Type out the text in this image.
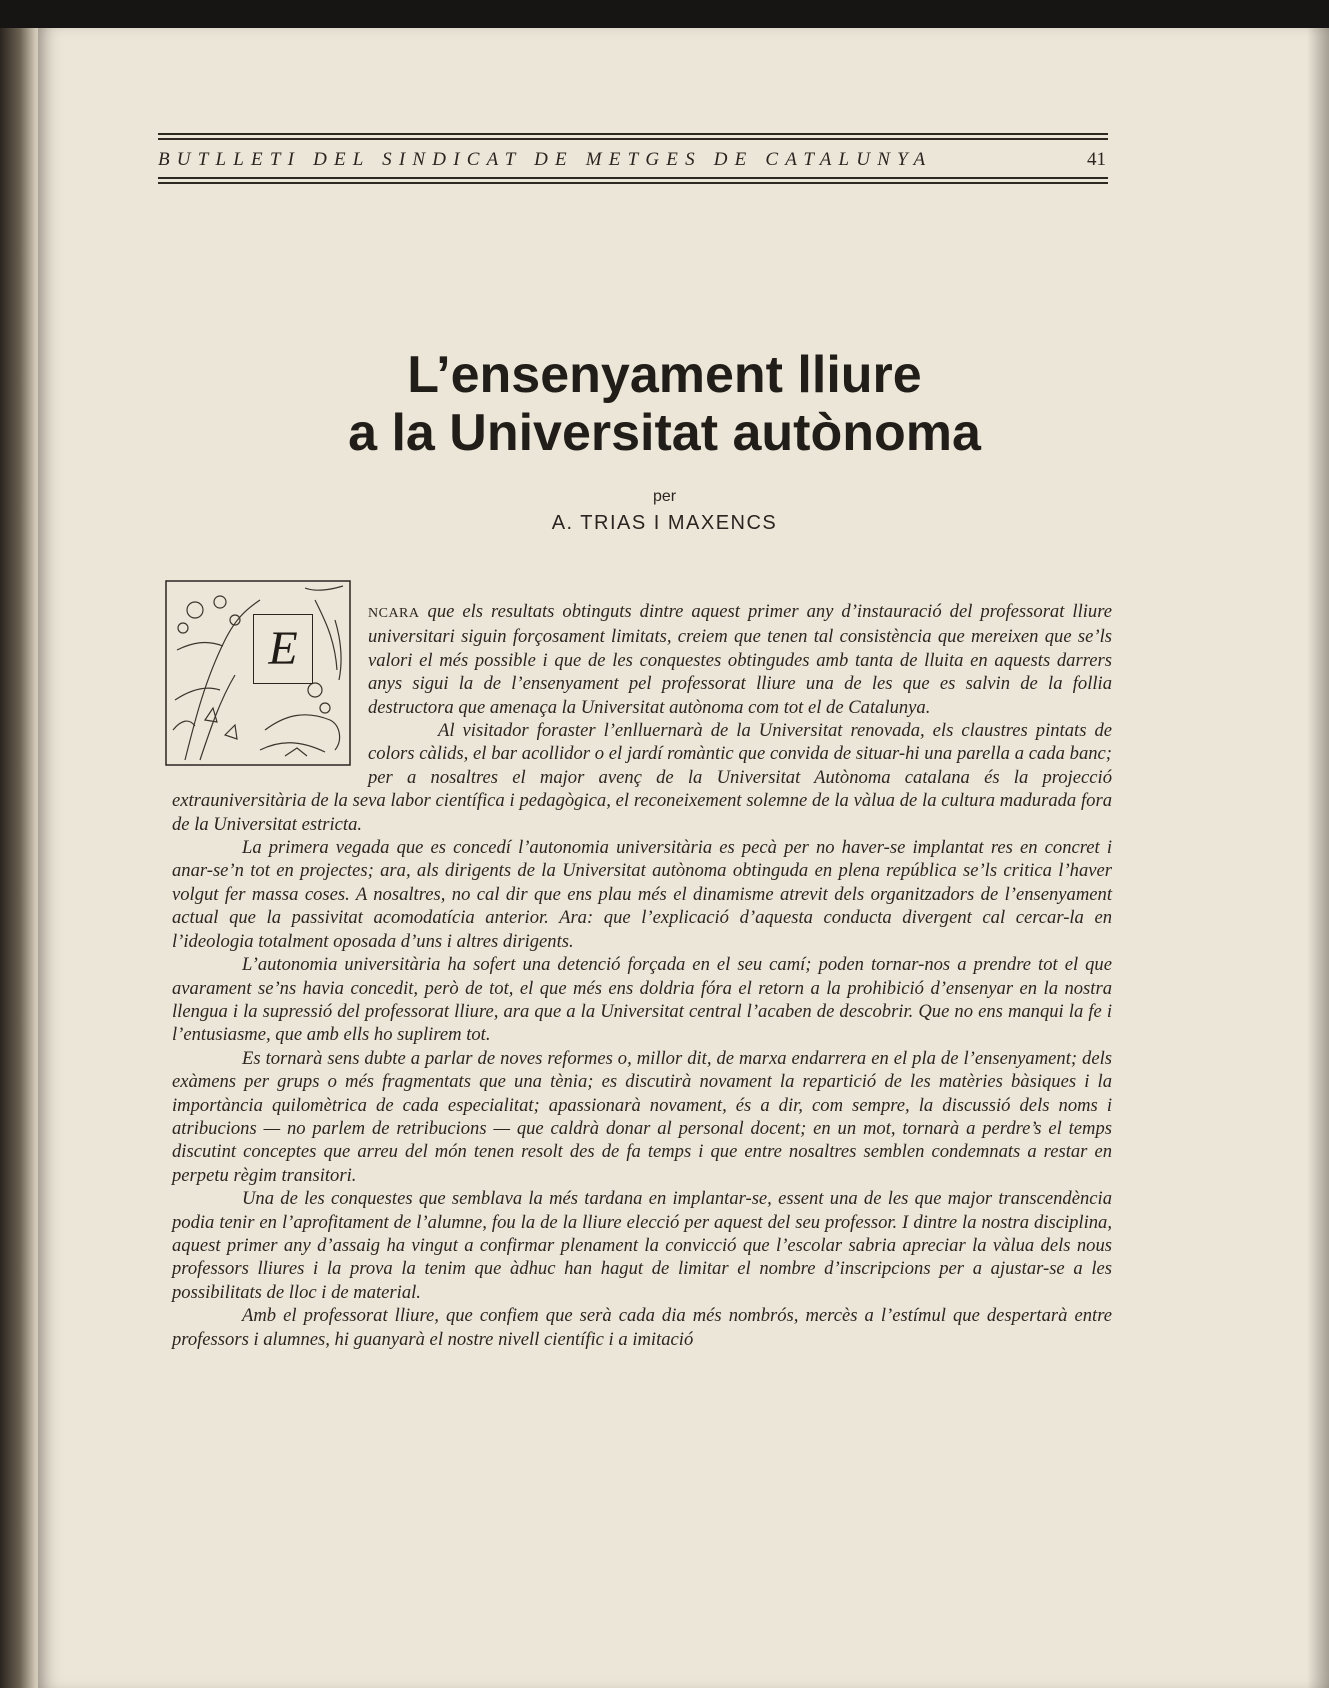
BUTLLETI DEL SINDICAT DE METGES DE CATALUNYA	41
L’ensenyament lliure
a la Universitat autònoma
per
A. TRIAS I MAXENCS
E

NCARA que els resultats obtinguts dintre aquest primer any d’instauració del professorat lliure universitari siguin forçosament limitats, creiem que tenen tal consistència que mereixen que se’ls valori el més possible i que de les conquestes obtingudes amb tanta de lluita en aquests darrers anys sigui la de l’ensenyament pel professorat lliure una de les que es salvin de la follia destructora que amenaça la Universitat autònoma com tot el de Catalunya.

Al visitador foraster l’enlluernarà de la Universitat renovada, els claustres pintats de colors càlids, el bar acollidor o el jardí romàntic que convida de situar-hi una parella a cada banc; per a nosaltres el major avenç de la Universitat Autònoma catalana és la projecció extrauniversitària de la seva labor científica i pedagògica, el reconeixement solemne de la vàlua de la cultura madurada fora de la Universitat estricta.

La primera vegada que es concedí l’autonomia universitària es pecà per no haver-se implantat res en concret i anar-se’n tot en projectes; ara, als dirigents de la Universitat autònoma obtinguda en plena república se’ls critica l’haver volgut fer massa coses. A nosaltres, no cal dir que ens plau més el dinamisme atrevit dels organitzadors de l’ensenyament actual que la passivitat acomodatícia anterior. Ara: que l’explicació d’aquesta conducta divergent cal cercar-la en l’ideologia totalment oposada d’uns i altres dirigents.

L’autonomia universitària ha sofert una detenció forçada en el seu camí; poden tornar-nos a prendre tot el que avarament se’ns havia concedit, però de tot, el que més ens doldria fóra el retorn a la prohibició d’ensenyar en la nostra llengua i la supressió del professorat lliure, ara que a la Universitat central l’acaben de descobrir. Que no ens manqui la fe i l’entusiasme, que amb ells ho suplirem tot.

Es tornarà sens dubte a parlar de noves reformes o, millor dit, de marxa endarrera en el pla de l’ensenyament; dels exàmens per grups o més fragmentats que una tènia; es discutirà novament la repartició de les matèries bàsiques i la importància quilomètrica de cada especialitat; apassionarà novament, és a dir, com sempre, la discussió dels noms i atribucions — no parlem de retribucions — que caldrà donar al personal docent; en un mot, tornarà a perdre’s el temps discutint conceptes que arreu del món tenen resolt des de fa temps i que entre nosaltres semblen condemnats a restar en perpetu règim transitori.

Una de les conquestes que semblava la més tardana en implantar-se, essent una de les que major transcendència podia tenir en l’aprofitament de l’alumne, fou la de la lliure elecció per aquest del seu professor. I dintre la nostra disciplina, aquest primer any d’assaig ha vingut a confirmar plenament la convicció que l’escolar sabria apreciar la vàlua dels nous professors lliures i la prova la tenim que àdhuc han hagut de limitar el nombre d’inscripcions per a ajustar-se a les possibilitats de lloc i de material.

Amb el professorat lliure, que confiem que serà cada dia més nombrós, mercès a l’estímul que despertarà entre professors i alumnes, hi guanyarà el nostre nivell científic i a imitació
